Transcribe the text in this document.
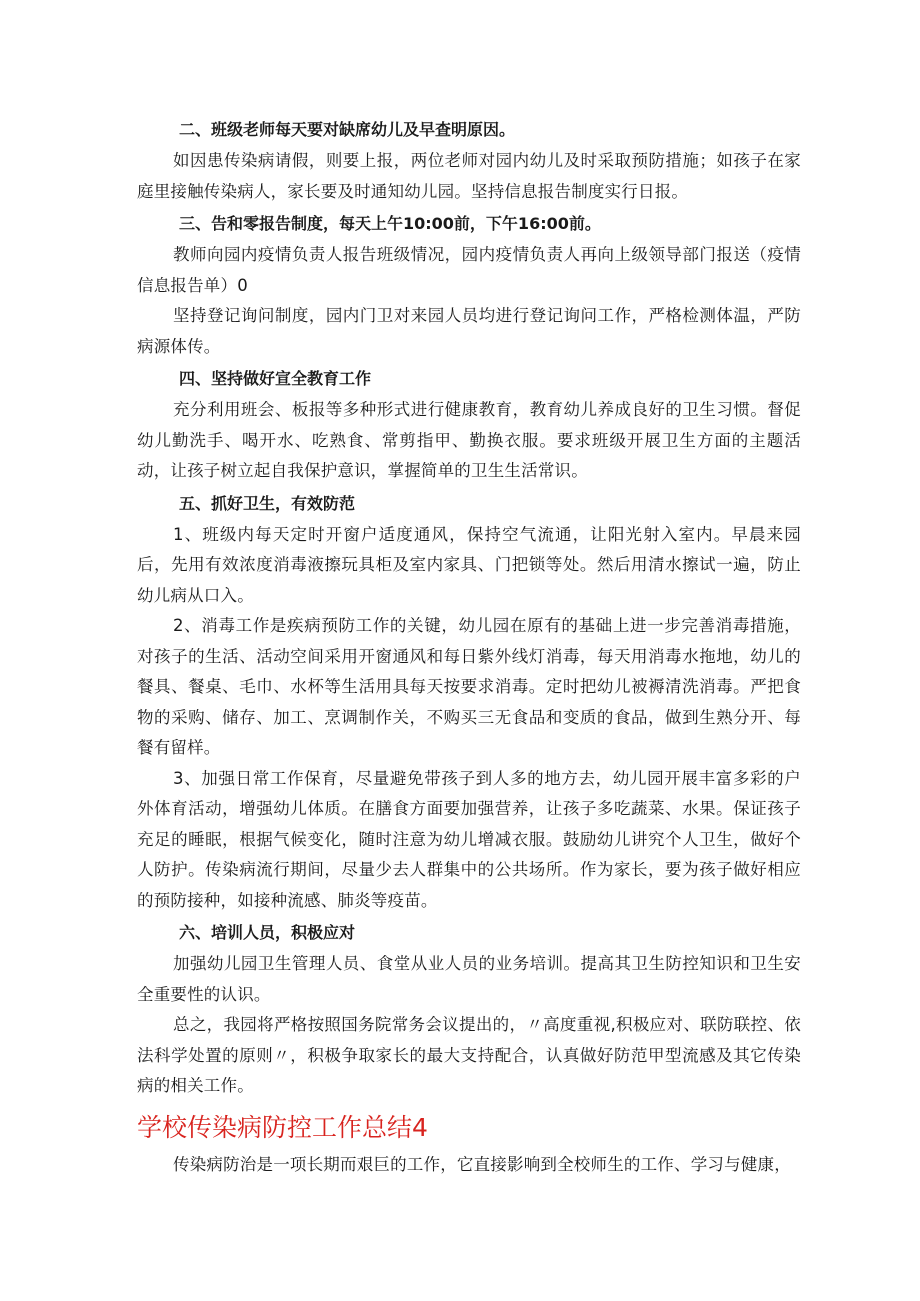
二、班级老师每天要对缺席幼儿及早查明原因。

如因患传染病请假，则要上报，两位老师对园内幼儿及时采取预防措施；如孩子在家庭里接触传染病人，家长要及时通知幼儿园。坚持信息报告制度实行日报。

三、告和零报告制度，每天上午10:00前，下午16:00前。

教师向园内疫情负责人报告班级情况，园内疫情负责人再向上级领导部门报送（疫情信息报告单）0

坚持登记询问制度，园内门卫对来园人员均进行登记询问工作，严格检测体温，严防病源体传。

四、坚持做好宣全教育工作

充分利用班会、板报等多种形式进行健康教育，教育幼儿养成良好的卫生习惯。督促幼儿勤洗手、喝开水、吃熟食、常剪指甲、勤换衣服。要求班级开展卫生方面的主题活动，让孩子树立起自我保护意识，掌握简单的卫生生活常识。

五、抓好卫生，有效防范

1、班级内每天定时开窗户适度通风，保持空气流通，让阳光射入室内。早晨来园后，先用有效浓度消毒液擦玩具柜及室内家具、门把锁等处。然后用清水擦试一遍，防止幼儿病从口入。

2、消毒工作是疾病预防工作的关键，幼儿园在原有的基础上进一步完善消毒措施，对孩子的生活、活动空间采用开窗通风和每日紫外线灯消毒，每天用消毒水拖地，幼儿的餐具、餐桌、毛巾、水杯等生活用具每天按要求消毒。定时把幼儿被褥清洗消毒。严把食物的采购、储存、加工、烹调制作关，不购买三无食品和变质的食品，做到生熟分开、每餐有留样。

3、加强日常工作保育，尽量避免带孩子到人多的地方去，幼儿园开展丰富多彩的户外体育活动，增强幼儿体质。在膳食方面要加强营养，让孩子多吃蔬菜、水果。保证孩子充足的睡眠，根据气候变化，随时注意为幼儿增减衣服。鼓励幼儿讲究个人卫生，做好个人防护。传染病流行期间，尽量少去人群集中的公共场所。作为家长，要为孩子做好相应的预防接种，如接种流感、肺炎等疫苗。

六、培训人员，积极应对

加强幼儿园卫生管理人员、食堂从业人员的业务培训。提高其卫生防控知识和卫生安全重要性的认识。

总之，我园将严格按照国务院常务会议提出的，〃高度重视,积极应对、联防联控、依法科学处置的原则〃，积极争取家长的最大支持配合，认真做好防范甲型流感及其它传染病的相关工作。

学校传染病防控工作总结4

传染病防治是一项长期而艰巨的工作，它直接影响到全校师生的工作、学习与健康，
